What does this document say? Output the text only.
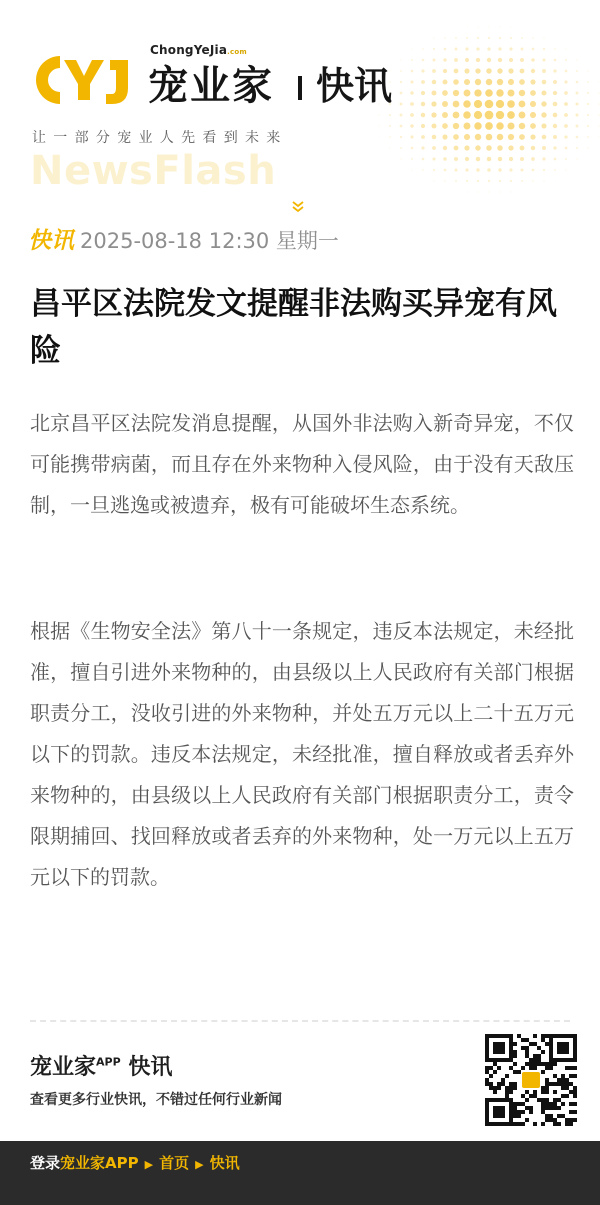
ChongYeJia.com
宠业家 快讯
让一部分宠业人先看到未来
NewsFlash
快讯 2025-08-18 12:30 星期一
昌平区法院发文提醒非法购买异宠有风险

北京昌平区法院发消息提醒，从国外非法购入新奇异宠，不仅可能携带病菌，而且存在外来物种入侵风险，由于没有天敌压制，一旦逃逸或被遗弃，极有可能破坏生态系统。

根据《生物安全法》第八十一条规定，违反本法规定，未经批准，擅自引进外来物种的，由县级以上人民政府有关部门根据职责分工，没收引进的外来物种，并处五万元以上二十五万元以下的罚款。违反本法规定，未经批准，擅自释放或者丢弃外来物种的，由县级以上人民政府有关部门根据职责分工，责令限期捕回、找回释放或者丢弃的外来物种，处一万元以上五万元以下的罚款。

宠业家$^{APP}$ 快讯
查看更多行业快讯，不错过任何行业新闻
登录宠业家APP ▶ 首页 ▶ 快讯
